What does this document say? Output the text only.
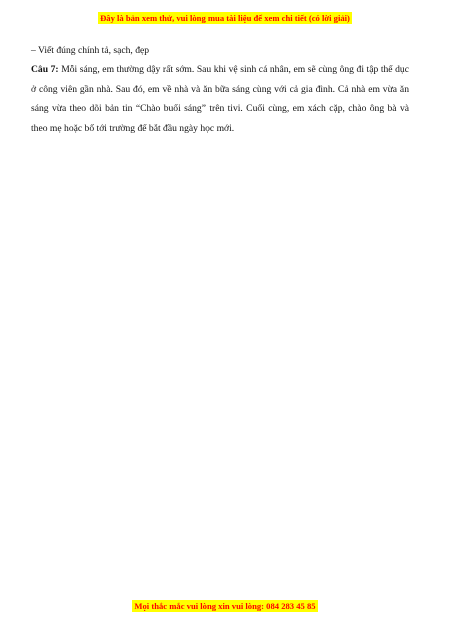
Đây là bản xem thử, vui lòng mua tài liệu để xem chi tiết (có lời giải)

– Viết đúng chính tả, sạch, đẹp

Câu 7: Mỗi sáng, em thường dậy rất sớm. Sau khi vệ sinh cá nhân, em sẽ cùng ông đi tập thể dục ở công viên gần nhà. Sau đó, em về nhà và ăn bữa sáng cùng với cả gia đình. Cả nhà em vừa ăn sáng vừa theo dõi bản tin “Chào buổi sáng” trên tivi. Cuối cùng, em xách cặp, chào ông bà và theo mẹ hoặc bố tới trường để bắt đầu ngày học mới.

Mọi thắc mắc vui lòng xin vui lòng: 084 283 45 85
